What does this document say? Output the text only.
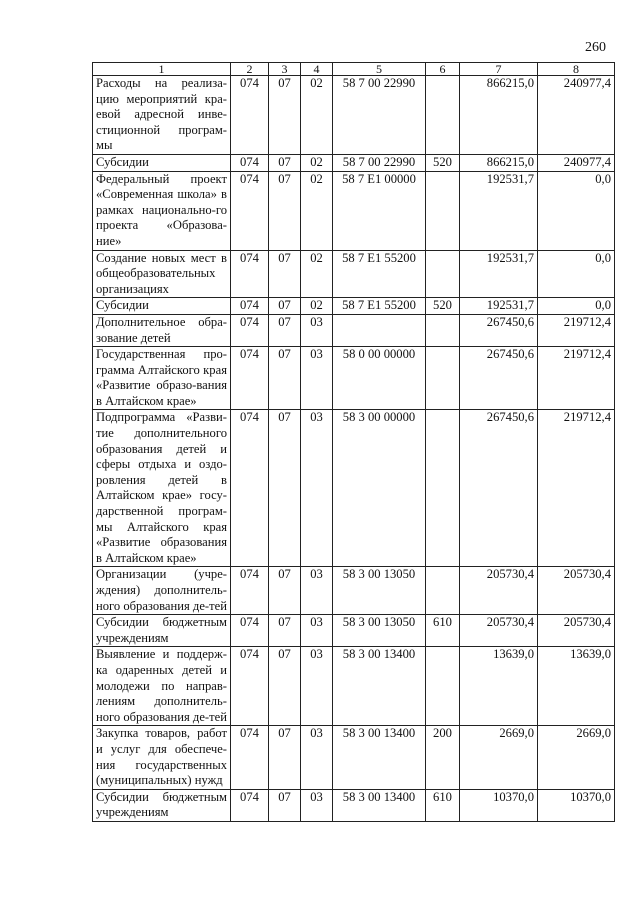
260
1	2	3	4	5	6	7	8
Расходы на реализа-цию мероприятий кра-евой адресной инве-стиционной програм-мы	074	07	02	58 7 00 22990		866215,0	240977,4
Субсидии	074	07	02	58 7 00 22990	520	866215,0	240977,4
Федеральный проект «Современная школа» в рамках национально-го проекта «Образова-ние»	074	07	02	58 7 E1 00000		192531,7	0,0
Создание новых мест в общеобразовательных организациях	074	07	02	58 7 E1 55200		192531,7	0,0
Субсидии	074	07	02	58 7 E1 55200	520	192531,7	0,0
Дополнительное обра-зование детей	074	07	03			267450,6	219712,4
Государственная про-грамма Алтайского края «Развитие образо-вания в Алтайском крае»	074	07	03	58 0 00 00000		267450,6	219712,4
Подпрограмма «Разви-тие дополнительного образования детей и сферы отдыха и оздо-ровления детей в Алтайском крае» госу-дарственной програм-мы Алтайского края «Развитие образования в Алтайском крае»	074	07	03	58 3 00 00000		267450,6	219712,4
Организации (учре-ждения) дополнитель-ного образования де-тей	074	07	03	58 3 00 13050		205730,4	205730,4
Субсидии бюджетным учреждениям	074	07	03	58 3 00 13050	610	205730,4	205730,4
Выявление и поддерж-ка одаренных детей и молодежи по направ-лениям дополнитель-ного образования де-тей	074	07	03	58 3 00 13400		13639,0	13639,0
Закупка товаров, работ и услуг для обеспече-ния государственных (муниципальных) нужд	074	07	03	58 3 00 13400	200	2669,0	2669,0
Субсидии бюджетным учреждениям	074	07	03	58 3 00 13400	610	10370,0	10370,0
